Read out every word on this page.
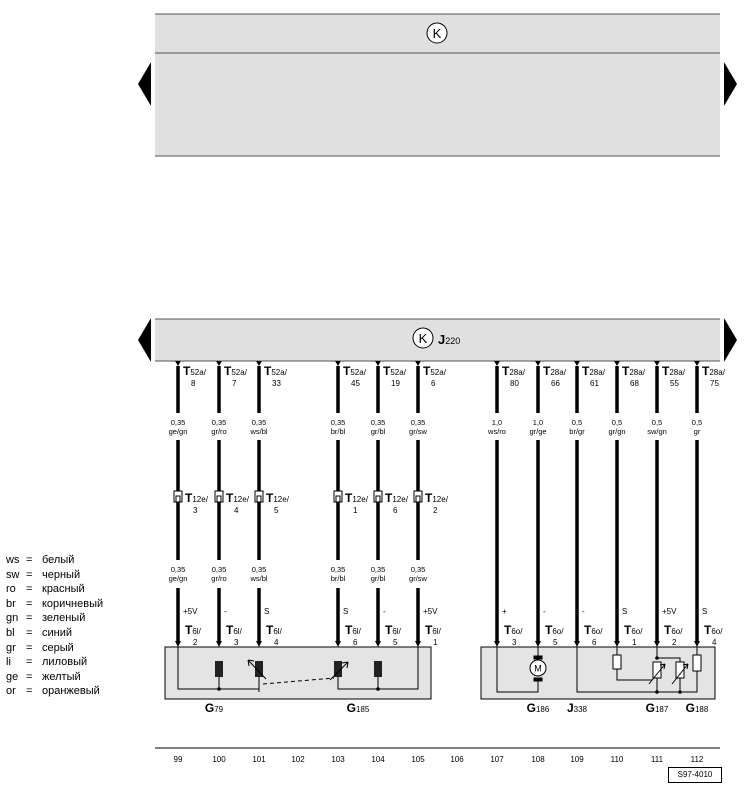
K
K J220
T52a/
8
T12e/
3
0,35
ge/gn
0,35
ge/gn
+5V
T6l/
2
T52a/
7
T12e/
4
0,35
gr/ro
0,35
gr/ro
-
T6l/
3
T52a/
33
T12e/
5
0,35
ws/bl
0,35
ws/bl
S
T6l/
4
T52a/
45
T12e/
1
0,35
br/bl
0,35
br/bl
S
T6l/
6
T52a/
19
T12e/
6
0,35
gr/bl
0,35
gr/bl
-
T6l/
5
T52a/
6
T12e/
2
0,35
gr/sw
0,35
gr/sw
+5V
T6l/
1
T28a/
80
1,0
ws/ro
+
T6o/
3
T28a/
66
1,0
gr/ge
-
T6o/
5
T28a/
61
0,5
br/gr
-
T6o/
6
T28a/
68
0,5
gr/gn
S
T6o/
1
T28a/
55
0,5
sw/gn
+5V
T6o/
2
T28a/
75
0,5
gr
S
T6o/
4
G79	G185	G186 J338	G187 G188
99	100	101	102	103	104	105	106	107	108	109	110	111	112
M
ws = белый
sw = черный
ro = красный
br = коричневый
gn = зеленый
bl	= синий
gr = серый
li	= лиловый
ge = желтый
or = оранжевый
S97-4010
